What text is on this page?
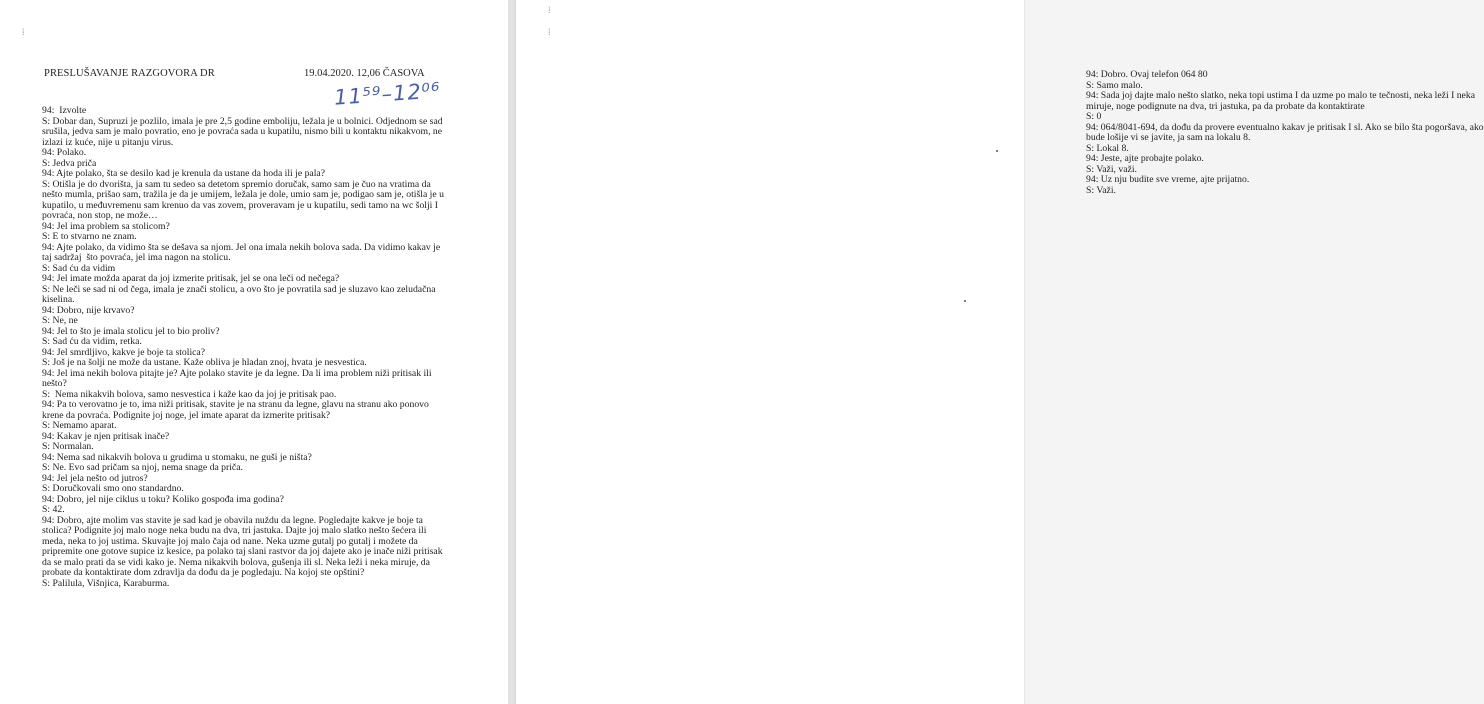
⁞
PRESLUŠAVANJE RAZGOVORA DR	19.04.2020. 12,06 ČASOVA
11⁵⁹–12⁰⁶
94:  Izvolte
S: Dobar dan, Supruzi je pozlilo, imala je pre 2,5 godine emboliju, ležala je u bolnici. Odjednom se sad
srušila, jedva sam je malo povratio, eno je povraća sada u kupatilu, nismo bili u kontaktu nikakvom, ne
izlazi iz kuće, nije u pitanju virus.
94: Polako.
S: Jedva priča
94: Ajte polako, šta se desilo kad je krenula da ustane da hoda ili je pala?
S: Otišla je do dvorišta, ja sam tu sedeo sa detetom spremio doručak, samo sam je čuo na vratima da
nešto mumla, prišao sam, tražila je da je umijem, ležala je dole, umio sam je, podigao sam je, otišla je u
kupatilo, u međuvremenu sam krenuo da vas zovem, proveravam je u kupatilu, sedi tamo na wc šolji I
povraća, non stop, ne može…
94: Jel ima problem sa stolicom?
S: E to stvarno ne znam.
94: Ajte polako, da vidimo šta se dešava sa njom. Jel ona imala nekih bolova sada. Da vidimo kakav je
taj sadržaj  što povraća, jel ima nagon na stolicu.
S: Sad ću da vidim
94: Jel imate možda aparat da joj izmerite pritisak, jel se ona leči od nečega?
S: Ne leči se sad ni od čega, imala je znači stolicu, a ovo što je povratila sad je sluzavo kao zeludačna
kiselina.
94: Dobro, nije krvavo?
S: Ne, ne
94: Jel to što je imala stolicu jel to bio proliv?
S: Sad ću da vidim, retka.
94: Jel smrdljivo, kakve je boje ta stolica?
S: Još je na šolji ne može da ustane. Kaže obliva je hladan znoj, hvata je nesvestica.
94: Jel ima nekih bolova pitajte je? Ajte polako stavite je da legne. Da li ima problem niži pritisak ili
nešto?
S:  Nema nikakvih bolova, samo nesvestica i kaže kao da joj je pritisak pao.
94: Pa to verovatno je to, ima niži pritisak, stavite je na stranu da legne, glavu na stranu ako ponovo
krene da povraća. Podignite joj noge, jel imate aparat da izmerite pritisak?
S: Nemamo aparat.
94: Kakav je njen pritisak inače?
S: Normalan.
94: Nema sad nikakvih bolova u grudima u stomaku, ne guši je ništa?
S: Ne. Evo sad pričam sa njoj, nema snage da priča.
94: Jel jela nešto od jutros?
S: Doručkovali smo ono standardno.
94: Dobro, jel nije ciklus u toku? Koliko gospođa ima godina?
S: 42.
94: Dobro, ajte molim vas stavite je sad kad je obavila nuždu da legne. Pogledajte kakve je boje ta
stolica? Podignite joj malo noge neka budu na dva, tri jastuka. Dajte joj malo slatko nešto šećera ili
meda, neka to joj ustima. Skuvajte joj malo čaja od nane. Neka uzme gutalj po gutalj i možete da
pripremite one gotove supice iz kesice, pa polako taj slani rastvor da joj dajete ako je inače niži pritisak
da se malo prati da se vidi kako je. Nema nikakvih bolova, gušenja ili sl. Neka leži i neka miruje, da
probate da kontaktirate dom zdravlja da dođu da je pogledaju. Na kojoj ste opštini?
S: Palilula, Višnjica, Karaburma.
⁞
⁞
94: Dobro. Ovaj telefon 064 80
S: Samo malo.
94: Sada joj dajte malo nešto slatko, neka topi ustima I da uzme po malo te tečnosti, neka leži I neka
miruje, noge podignute na dva, tri jastuka, pa da probate da kontaktirate
S: 0
94: 064/8041-694, da dođu da provere eventualno kakav je pritisak I sl. Ako se bilo šta pogoršava, ako
bude lošije vi se javite, ja sam na lokalu 8.
S: Lokal 8.
94: Jeste, ajte probajte polako.
S: Važi, važi.
94: Uz nju budite sve vreme, ajte prijatno.
S: Važi.
